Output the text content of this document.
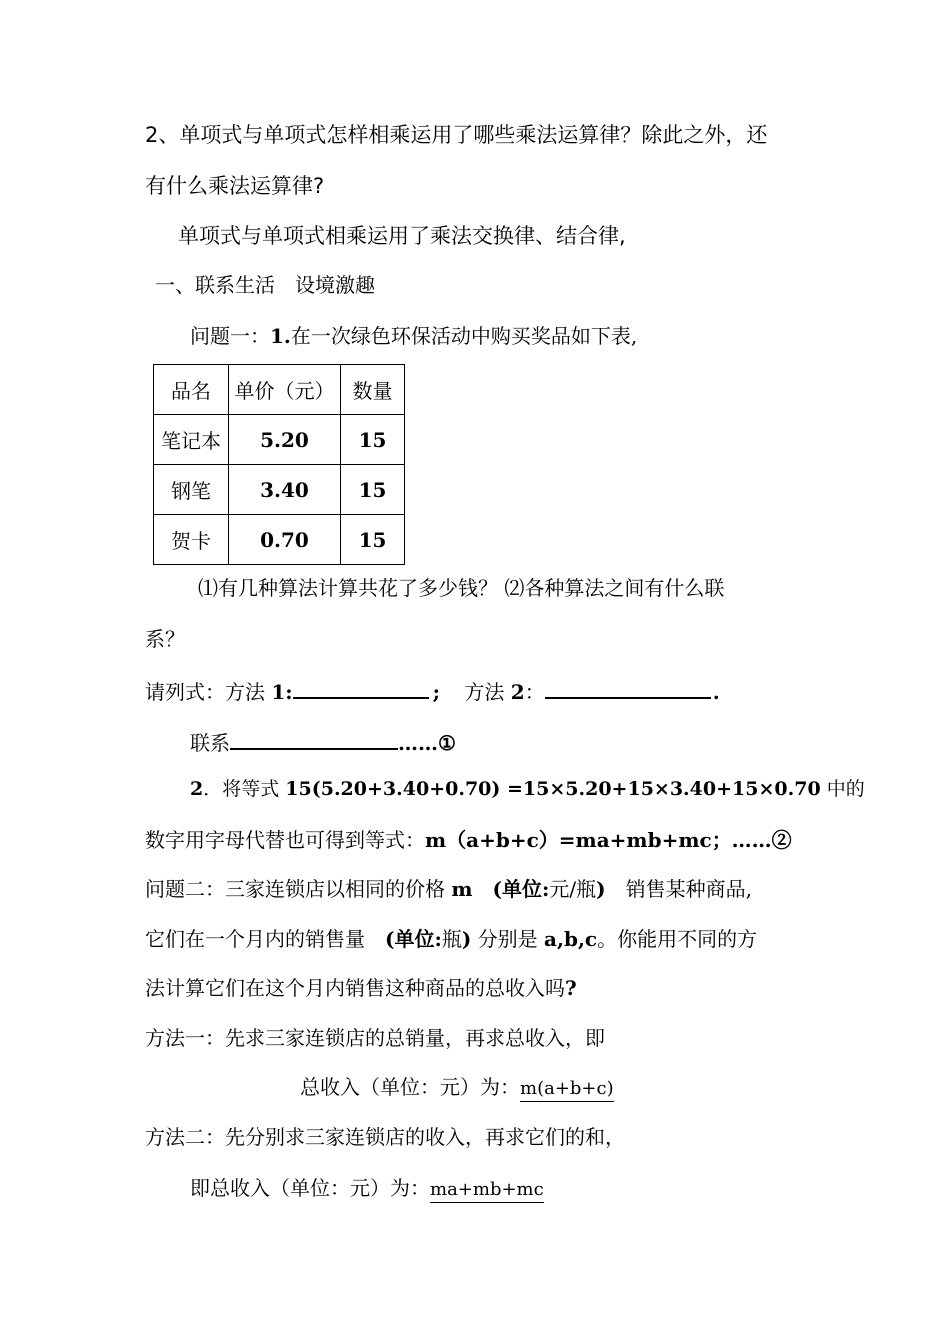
2、单项式与单项式怎样相乘运用了哪些乘法运算律？除此之外，还
有什么乘法运算律?
单项式与单项式相乘运用了乘法交换律、结合律,
一、联系生活　设境激趣
问题一：1.在一次绿色环保活动中购买奖品如下表,
品名	单价（元）	数量
笔记本	5.20	15
钢笔	3.40	15
贺卡	0.70	15
⑴有几种算法计算共花了多少钱？ ⑵各种算法之间有什么联
系？
请列式：方法 1:	; 方法 2：	.
联系	……①
2．将等式 15(5.20+3.40+0.70) =15×5.20+15×3.40+15×0.70 中的
数字用字母代替也可得到等式：m（a+b+c）=ma+mb+mc；……②
问题二：三家连锁店以相同的价格 m　(单位:元/瓶)　销售某种商品,
它们在一个月内的销售量　(单位:瓶) 分别是 a,b,c。你能用不同的方
法计算它们在这个月内销售这种商品的总收入吗?
方法一：先求三家连锁店的总销量，再求总收入，即
总收入（单位：元）为：m(a+b+c)
方法二：先分别求三家连锁店的收入，再求它们的和，
即总收入（单位：元）为：ma+mb+mc
